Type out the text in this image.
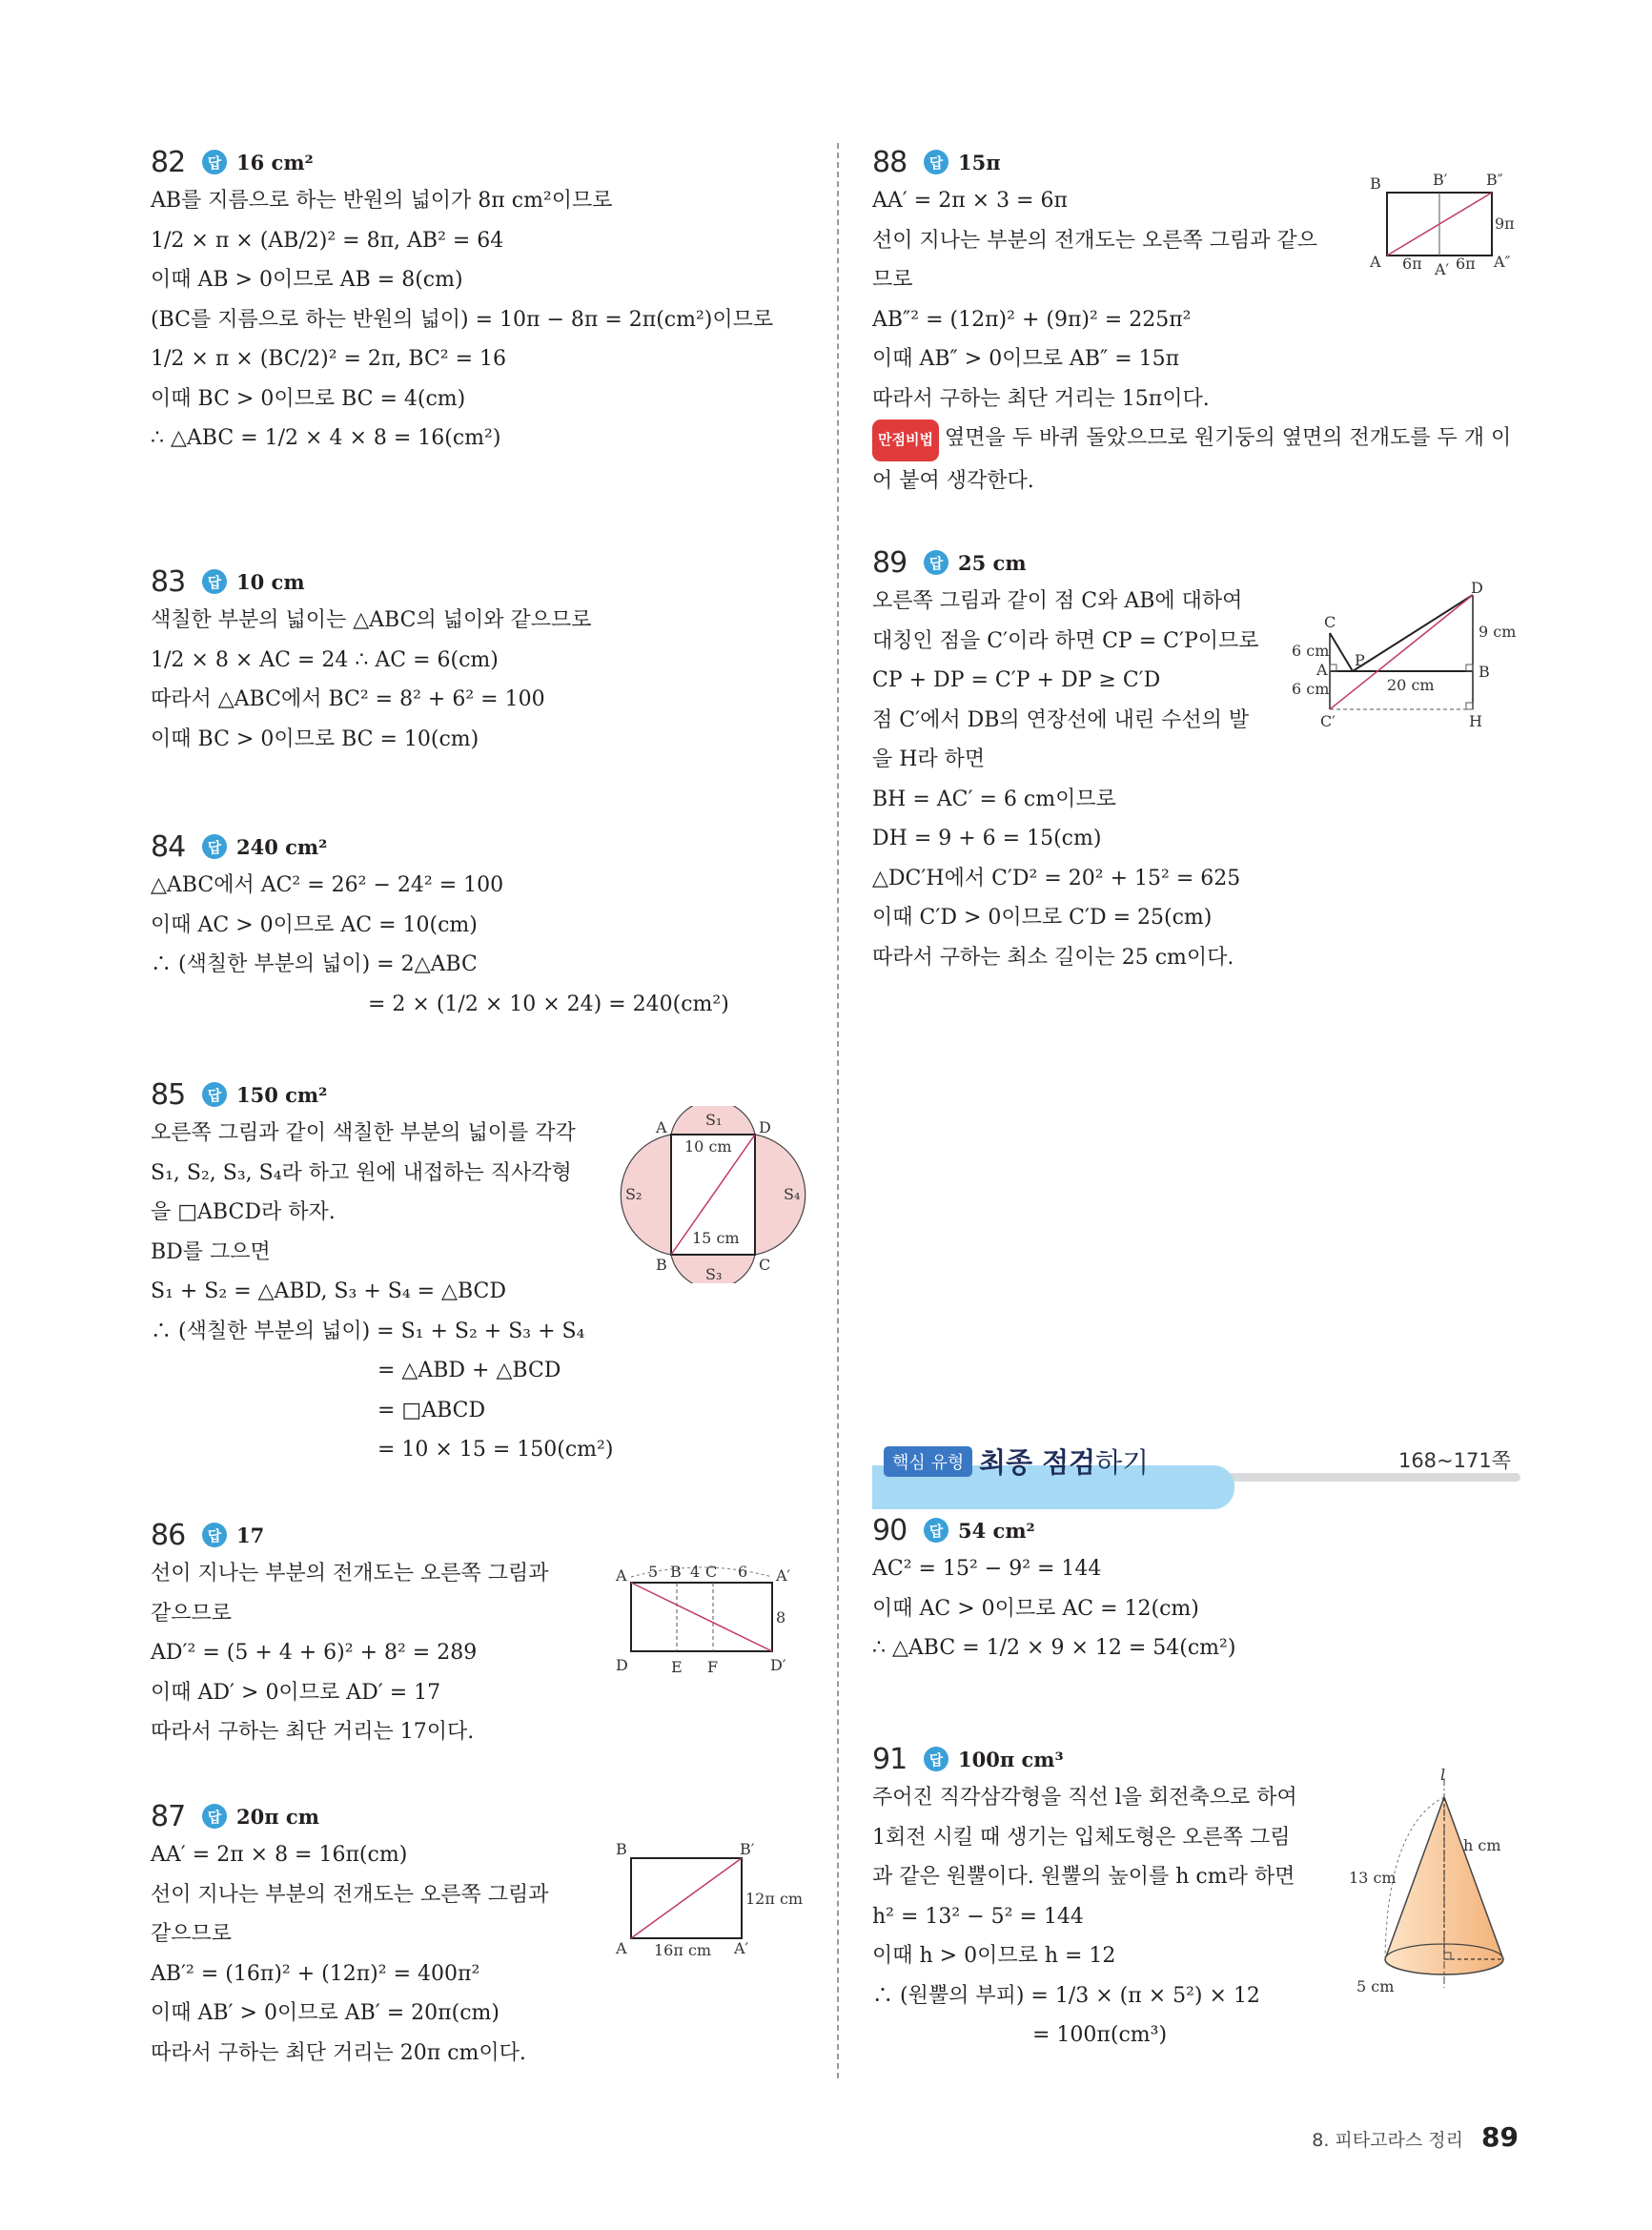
82	답 16 cm²
AB를 지름으로 하는 반원의 넓이가 8π cm²이므로
1/2 × π × (AB/2)² = 8π, AB² = 64
이때 AB > 0이므로 AB = 8(cm)
(BC를 지름으로 하는 반원의 넓이) = 10π − 8π = 2π(cm²)이므로
1/2 × π × (BC/2)² = 2π, BC² = 16
이때 BC > 0이므로 BC = 4(cm)
∴ △ABC = 1/2 × 4 × 8 = 16(cm²)
83	답 10 cm
색칠한 부분의 넓이는 △ABC의 넓이와 같으므로
1/2 × 8 × AC = 24 ∴ AC = 6(cm)
따라서 △ABC에서 BC² = 8² + 6² = 100
이때 BC > 0이므로 BC = 10(cm)
84	답 240 cm²
△ABC에서 AC² = 26² − 24² = 100
이때 AC > 0이므로 AC = 10(cm)
∴ (색칠한 부분의 넓이) = 2△ABC
= 2 × (1/2 × 10 × 24) = 240(cm²)
85	답 150 cm²
오른쪽 그림과 같이 색칠한 부분의 넓이를 각각
S₁, S₂, S₃, S₄라 하고 원에 내접하는 직사각형
을 □ABCD라 하자.
BD를 그으면
S₁ + S₂ = △ABD, S₃ + S₄ = △BCD
∴ (색칠한 부분의 넓이) = S₁ + S₂ + S₃ + S₄
= △ABD + △BCD
= □ABCD
= 10 × 15 = 150(cm²)
A	D
B	C
S₁
S₂
S₃
S₄
10 cm
15 cm
86	답 17
선이 지나는 부분의 전개도는 오른쪽 그림과
같으므로
AD′² = (5 + 4 + 6)² + 8² = 289
이때 AD′ > 0이므로 AD′ = 17
따라서 구하는 최단 거리는 17이다.
A	B C	A′
5 4 6
8
D	E F	D′
87	답 20π cm
AA′ = 2π × 8 = 16π(cm)
선이 지나는 부분의 전개도는 오른쪽 그림과
같으므로
AB′² = (16π)² + (12π)² = 400π²
이때 AB′ > 0이므로 AB′ = 20π(cm)
따라서 구하는 최단 거리는 20π cm이다.
B	B′
A	A′
12π cm
16π cm
88	답 15π
AA′ = 2π × 3 = 6π
선이 지나는 부분의 전개도는 오른쪽 그림과 같으
므로
AB″² = (12π)² + (9π)² = 225π²
이때 AB″ > 0이므로 AB″ = 15π
따라서 구하는 최단 거리는 15π이다.
만점비법 옆면을 두 바퀴 돌았으므로 원기둥의 옆면의 전개도를 두 개 이어 붙여 생각한다.
B	B′	B″
A	A′	A″
6π 6π
9π
89	답 25 cm
오른쪽 그림과 같이 점 C와 AB에 대하여
대칭인 점을 C′이라 하면 CP = C′P이므로
CP + DP = C′P + DP ≥ C′D
점 C′에서 DB의 연장선에 내린 수선의 발
을 H라 하면
BH = AC′ = 6 cm이므로
DH = 9 + 6 = 15(cm)
△DC′H에서 C′D² = 20² + 15² = 625
이때 C′D > 0이므로 C′D = 25(cm)
따라서 구하는 최소 길이는 25 cm이다.
C
A
P
C′
D
B
H
6 cm
6 cm
9 cm
20 cm
90	답 54 cm²
AC² = 15² − 9² = 144
이때 AC > 0이므로 AC = 12(cm)
∴ △ABC = 1/2 × 9 × 12 = 54(cm²)
91	답 100π cm³
주어진 직각삼각형을 직선 l을 회전축으로 하여
1회전 시킬 때 생기는 입체도형은 오른쪽 그림
과 같은 원뿔이다. 원뿔의 높이를 h cm라 하면
h² = 13² − 5² = 144
이때 h > 0이므로 h = 12
∴ (원뿔의 부피) = 1/3 × (π × 5²) × 12
= 100π(cm³)
l
13 cm
h cm
5 cm
핵심 유형 최종 점검하기	168~171쪽
8. 피타고라스 정리 89
